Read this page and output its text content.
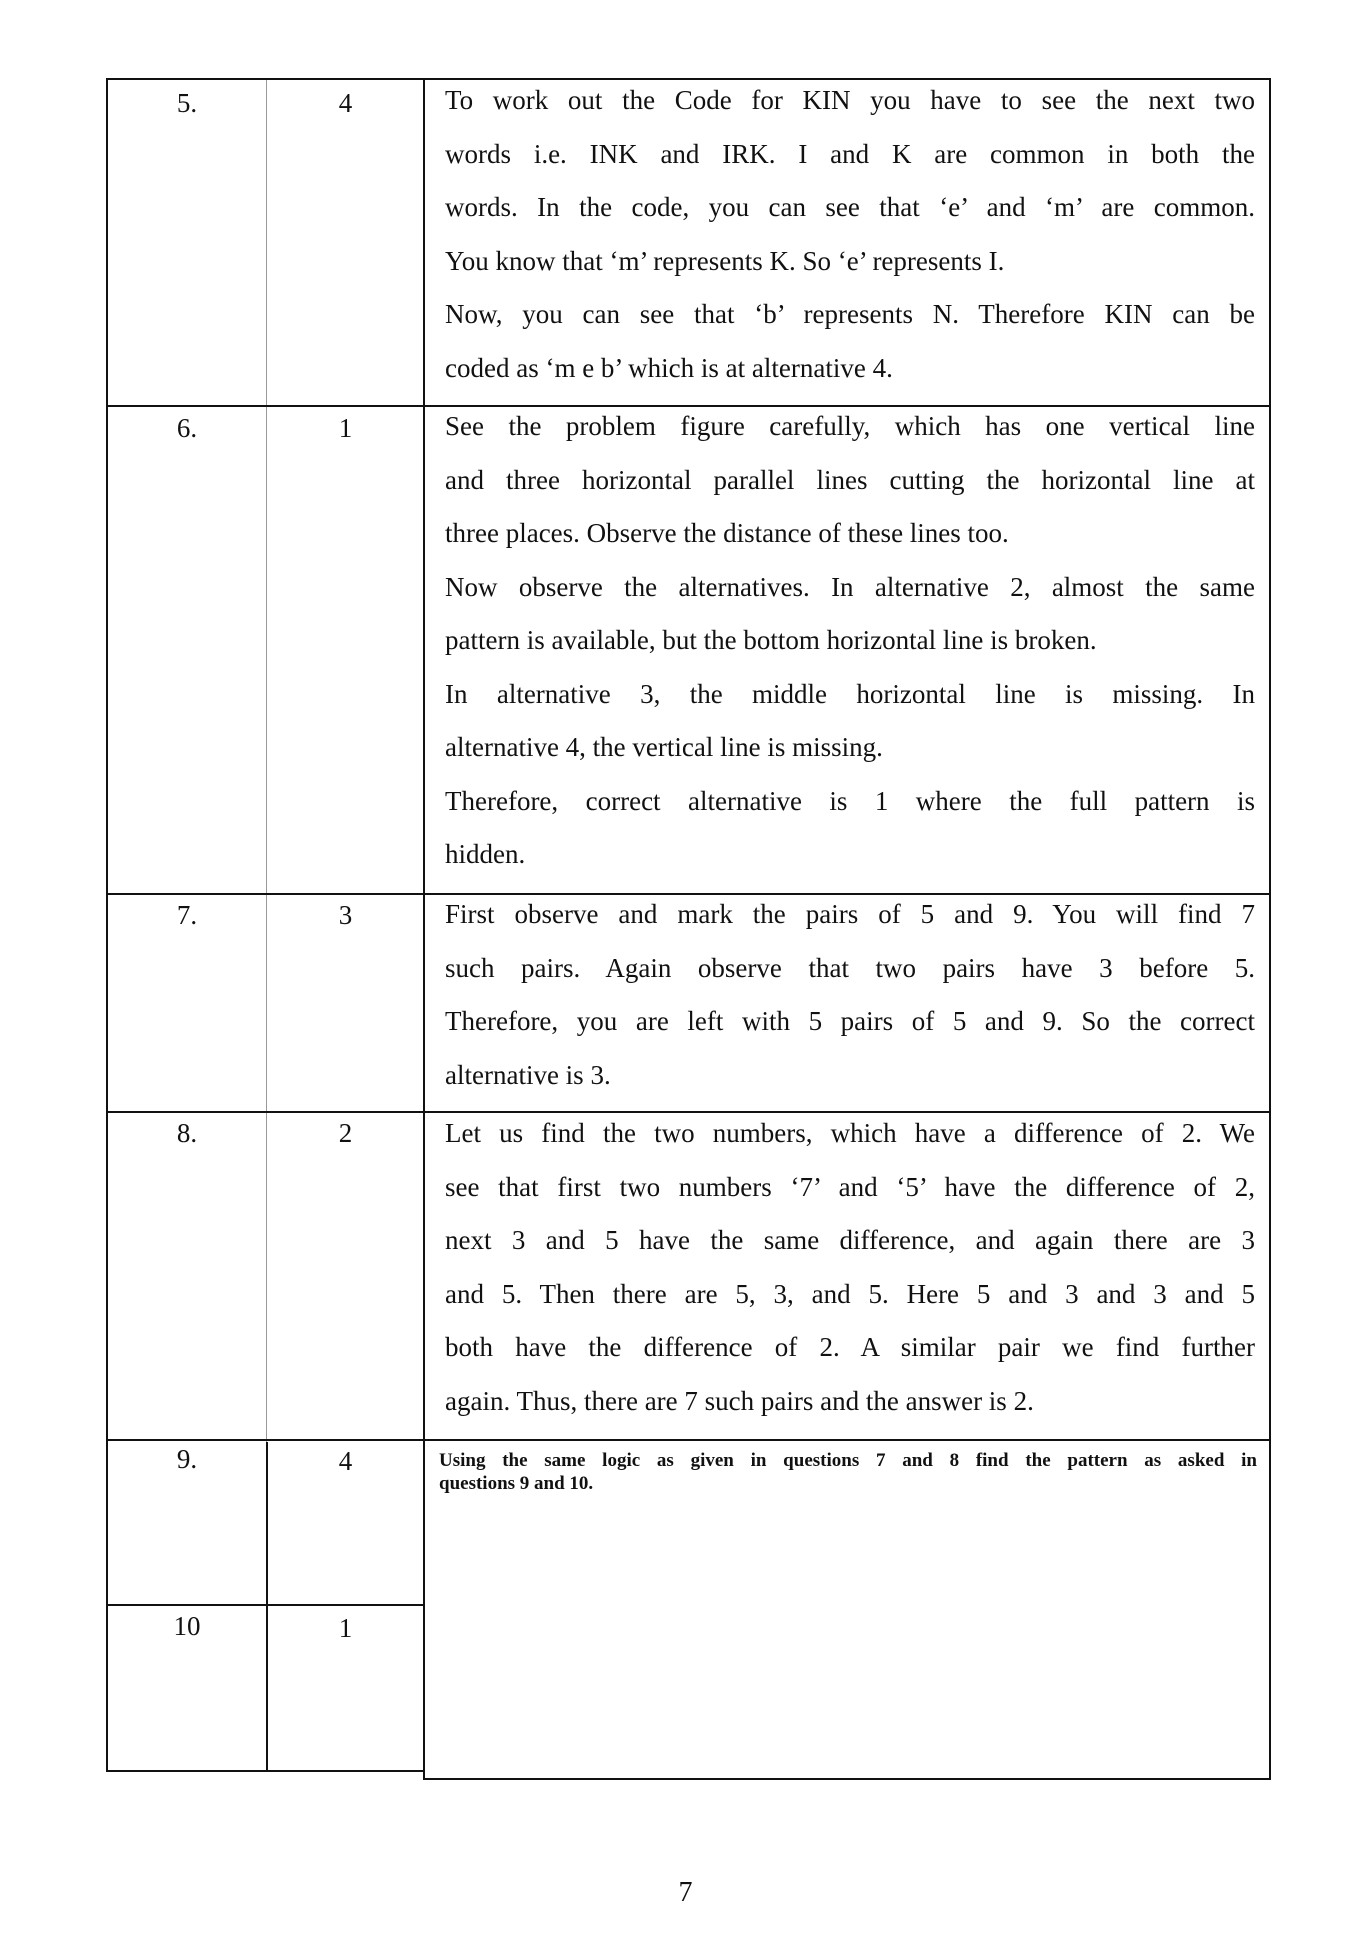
5.	4	To work out the Code for KIN you have to see the next two

words i.e. INK and IRK. I and K are common in both the

words. In the code, you can see that ‘e’ and ‘m’ are common.

You know that ‘m’ represents K. So ‘e’ represents I.

Now, you can see that ‘b’ represents N. Therefore KIN can be

coded as ‘m e b’ which is at alternative 4.

6.	1	See the problem figure carefully, which has one vertical line

and three horizontal parallel lines cutting the horizontal line at

three places. Observe the distance of these lines too.

Now observe the alternatives. In alternative 2, almost the same

pattern is available, but the bottom horizontal line is broken.

In alternative 3, the middle horizontal line is missing. In

alternative 4, the vertical line is missing.

Therefore, correct alternative is 1 where the full pattern is

hidden.

7.	3	First observe and mark the pairs of 5 and 9. You will find 7

such pairs. Again observe that two pairs have 3 before 5.

Therefore, you are left with 5 pairs of 5 and 9. So the correct

alternative is 3.

8.	2	Let us find the two numbers, which have a difference of 2. We

see that first two numbers ‘7’ and ‘5’ have the difference of 2,

next 3 and 5 have the same difference, and again there are 3

and 5. Then there are 5, 3, and 5. Here 5 and 3 and 3 and 5

both have the difference of 2. A similar pair we find further

again. Thus, there are 7 such pairs and the answer is 2.

9.	4	Using the same logic as given in questions 7 and 8 find the pattern as asked in
questions 9 and 10.
10	1
7
